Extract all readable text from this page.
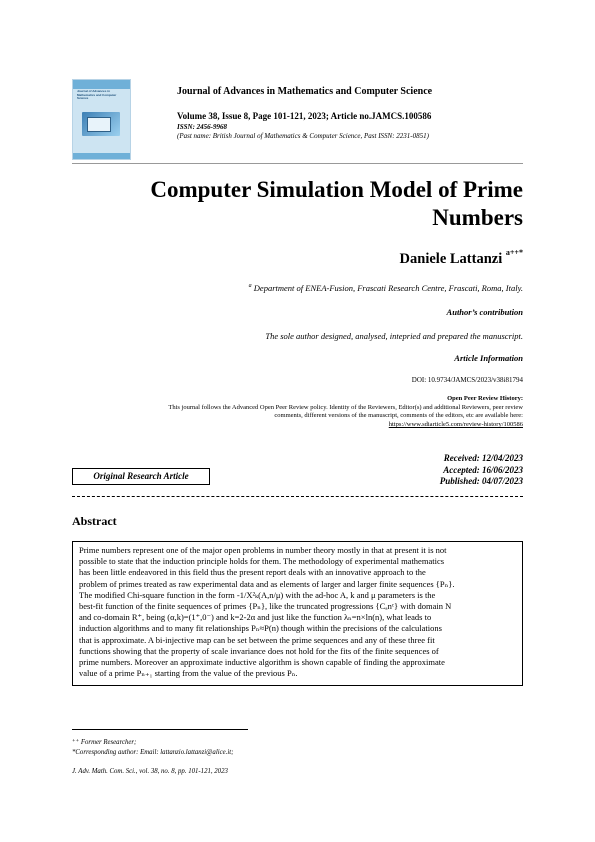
Journal of Advances in Mathematics and Computer Science
Journal of Advances in Mathematics and Computer Science
Volume 38, Issue 8, Page 101-121, 2023; Article no.JAMCS.100586
ISSN: 2456-9968
(Past name: British Journal of Mathematics & Computer Science, Past ISSN: 2231-0851)
Computer Simulation Model of Prime Numbers
Daniele Lattanzi $^{a++*}$
$^a$ Department of ENEA-Fusion, Frascati Research Centre, Frascati, Roma, Italy.
Author’s contribution
The sole author designed, analysed, intepried and prepared the manuscript.
Article Information
DOI: 10.9734/JAMCS/2023/v38i81794
Open Peer Review History:
This journal follows the Advanced Open Peer Review policy. Identity of the Reviewers, Editor(s) and additional Reviewers, peer review
comments, different versions of the manuscript, comments of the editors, etc are available here:
https://www.sdiarticle5.com/review-history/100586
Original Research Article
Received: 12/04/2023
Accepted: 16/06/2023
Published: 04/07/2023
Abstract
Prime numbers represent one of the major open problems in number theory mostly in that at present it is not
possible to state that the induction principle holds for them. The methodology of experimental mathematics
has been little endeavored in this field thus the present report deals with an innovative approach to the
problem of primes treated as raw experimental data and as elements of larger and larger finite sequences {Pₙ}.
The modified Chi-square function in the form -1/X²ₖ(A,n/μ) with the ad-hoc A, k and μ parameters is the
best-fit function of the finite sequences of primes {Pₙ}, like the truncated progressions {Cₐnᶜ} with domain N
and co-domain R⁺, being (α,k)=(1⁺,0⁻) and k=2-2α and just like the function λₙ=n×ln(n), what leads to
induction algorithms and to many fit relationships Pₙ≈P(n) though within the precisions of the calculations
that is approximate. A bi-injective map can be set between the prime sequences and any of these three fit
functions showing that the property of scale invariance does not hold for the fits of the finite sequences of
prime numbers. Moreover an approximate inductive algorithm is shown capable of finding the approximate
value of a prime Pₙ₊₁ starting from the value of the previous Pₙ.
⁺⁺ Former Researcher;
*Corresponding author: Email: lattanzio.lattanzi@alice.it;
J. Adv. Math. Com. Sci., vol. 38, no. 8, pp. 101-121, 2023
